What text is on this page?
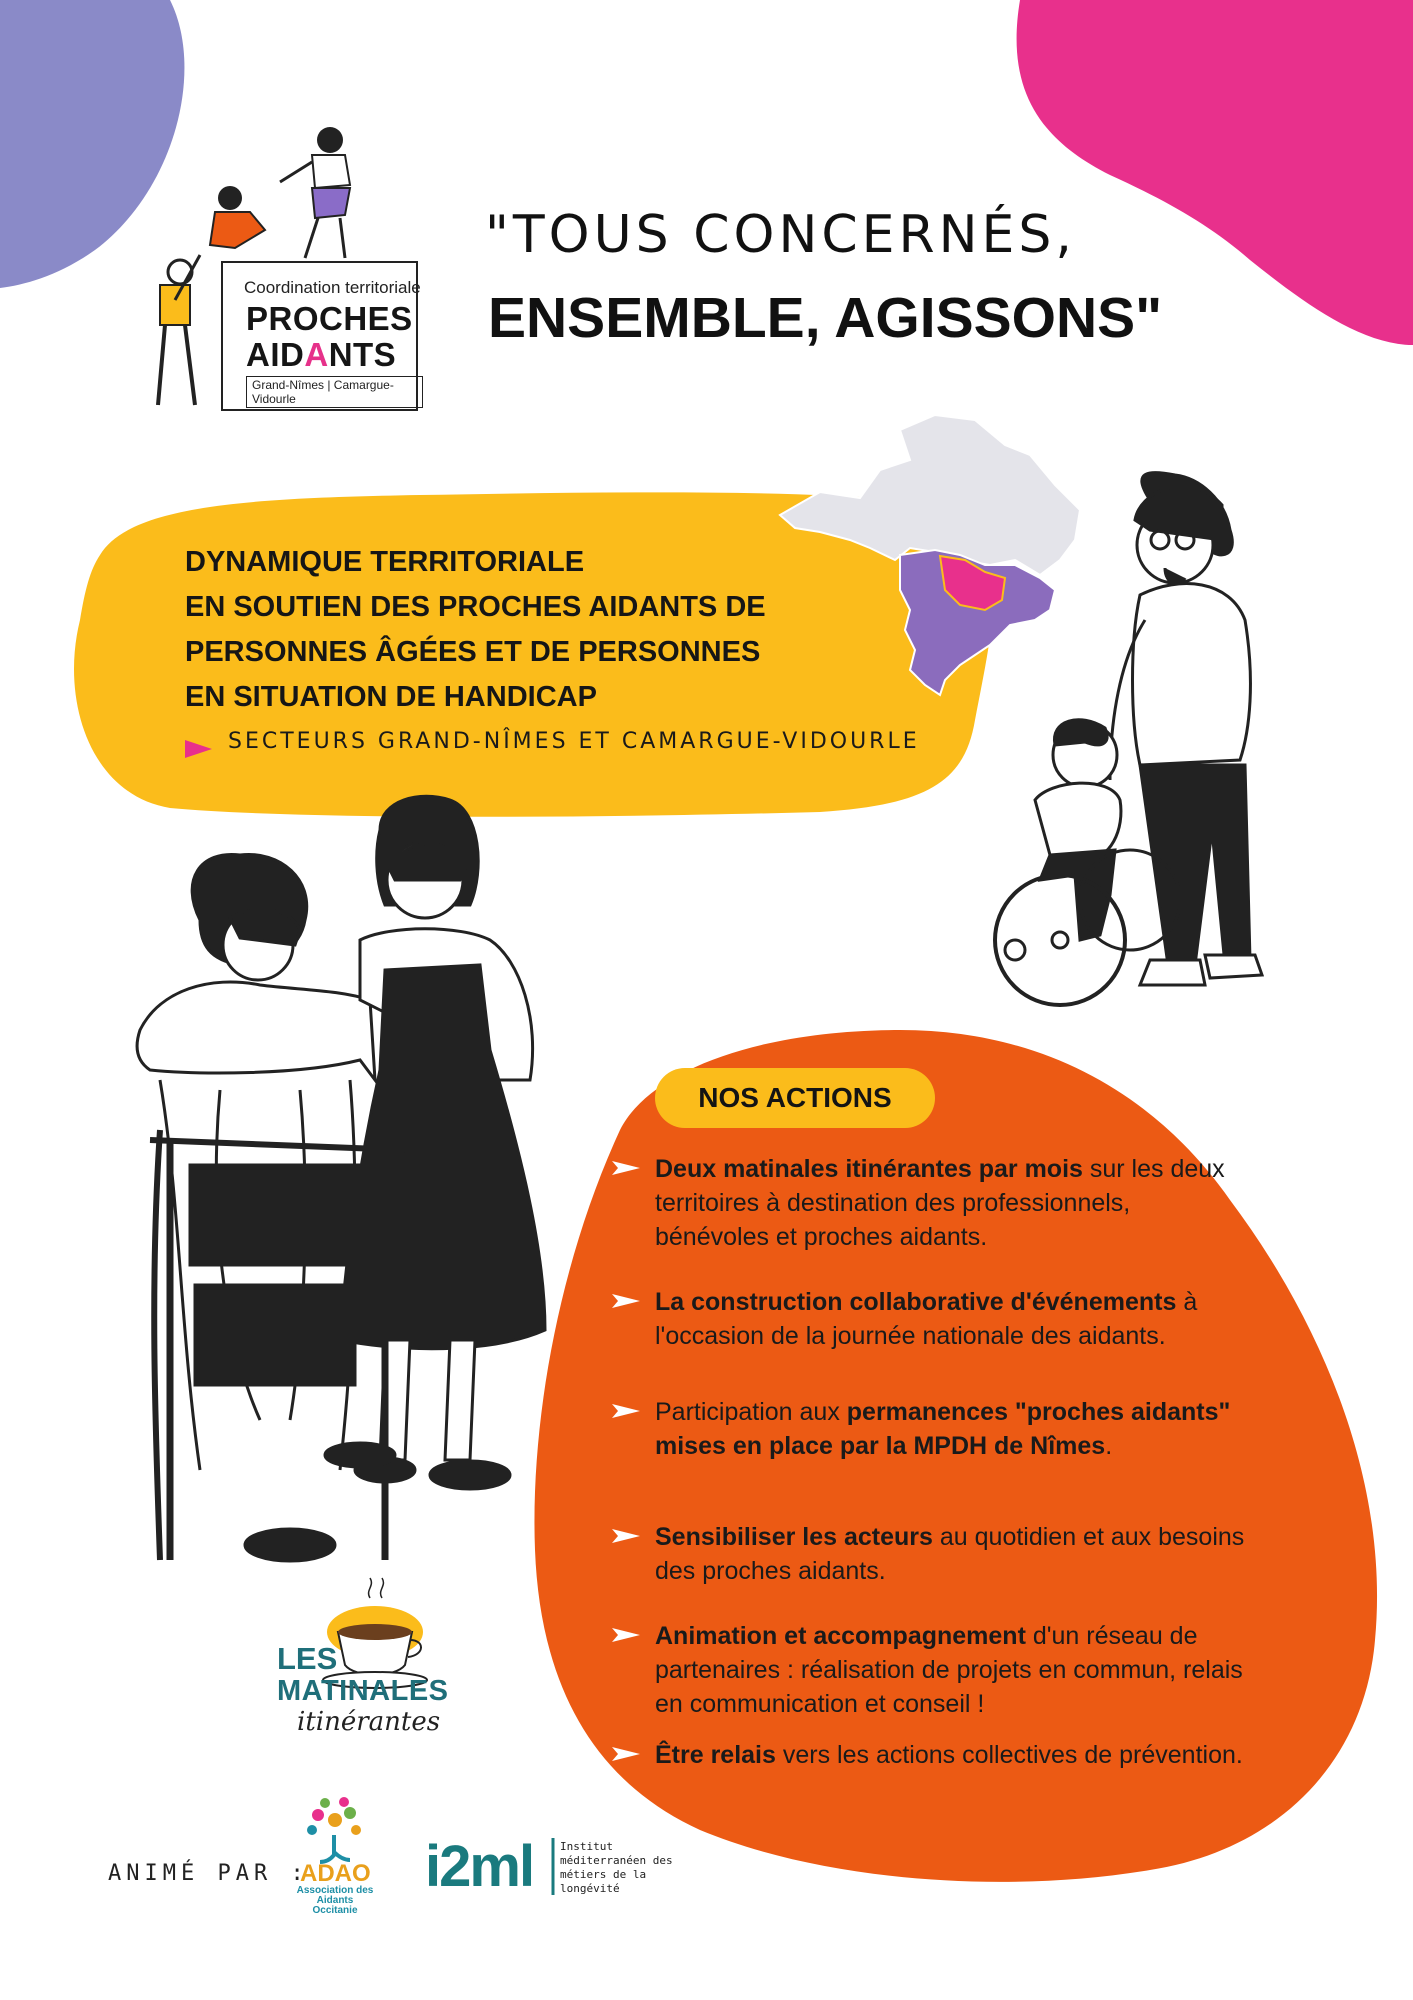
Coordination territoriale
PROCHES
AIDANTS
Grand-Nîmes | Camargue-Vidourle
"TOUS CONCERNÉS,
ENSEMBLE, AGISSONS"
DYNAMIQUE TERRITORIALE
EN SOUTIEN DES PROCHES AIDANTS DE
PERSONNES ÂGÉES ET DE PERSONNES
EN SITUATION DE HANDICAP
SECTEURS GRAND-NÎMES ET CAMARGUE-VIDOURLE
NOS ACTIONS
Deux matinales itinérantes par mois sur les deux territoires à destination des professionnels, bénévoles et proches aidants.
La construction collaborative d'événements à l'occasion de la journée nationale des aidants.
Participation aux permanences "proches aidants" mises en place par la MPDH de Nîmes.
Sensibiliser les acteurs au quotidien et aux besoins des proches aidants.
Animation et accompagnement d'un réseau de partenaires : réalisation de projets en commun, relais en communication et conseil !
Être relais vers les actions collectives de prévention.
LES
MATINALES
itinérantes
ANIMÉ PAR :
ADAO
Association des Aidants Occitanie
i2ml Institut méditerranéen des métiers de la longévité
